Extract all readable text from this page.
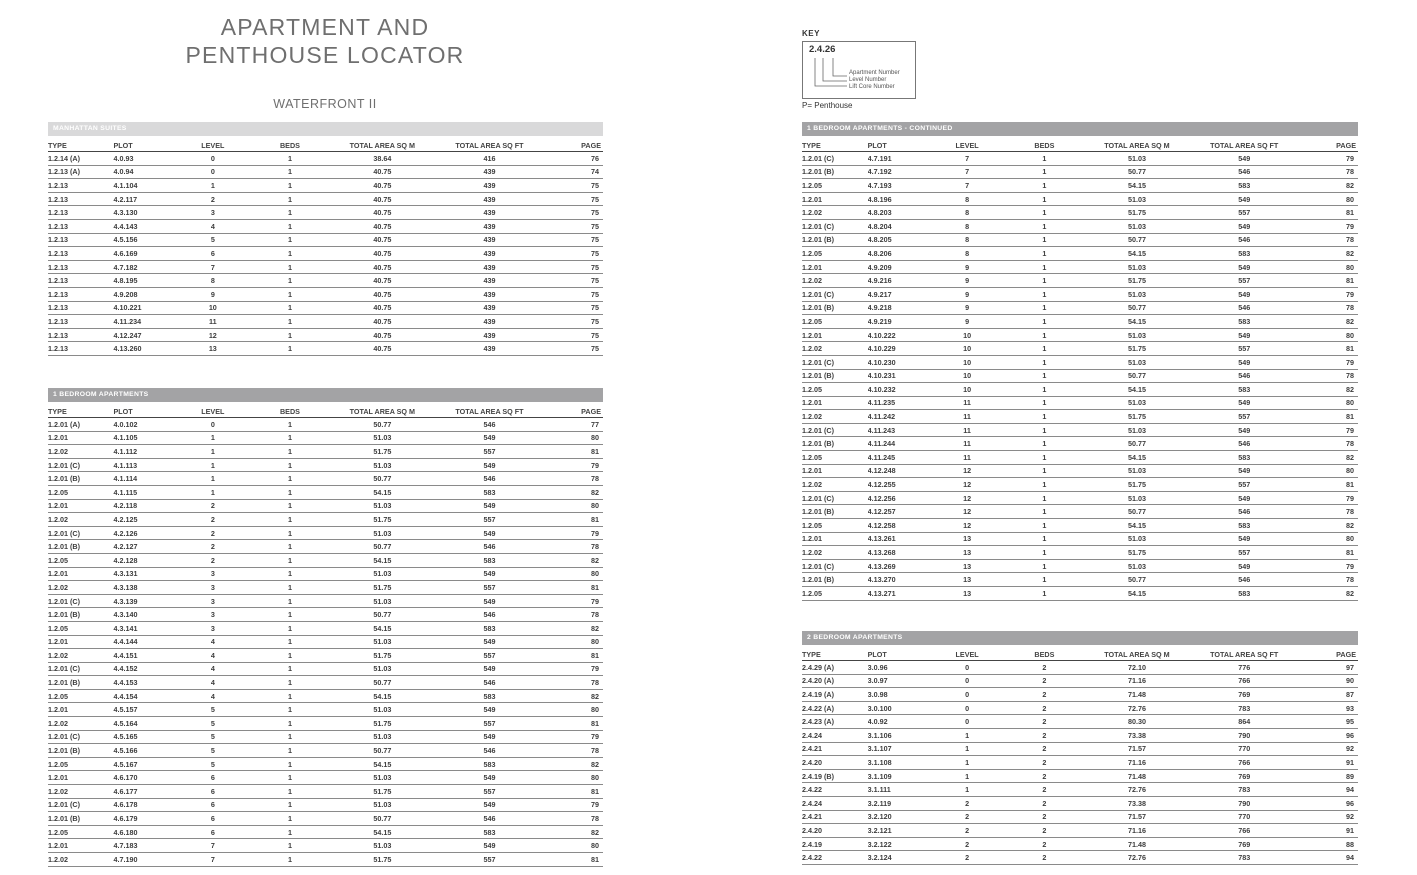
APARTMENT AND
PENTHOUSE LOCATOR
WATERFRONT II
KEY
2.4.26
Apartment Number
Level Number
Lift Core Number
P= Penthouse
MANHATTAN SUITES
TYPE	PLOT	LEVEL	BEDS	TOTAL AREA SQ M	TOTAL AREA SQ FT	PAGE
1.2.14 (A)	4.0.93	0	1	38.64	416	76
1.2.13 (A)	4.0.94	0	1	40.75	439	74
1.2.13	4.1.104	1	1	40.75	439	75
1.2.13	4.2.117	2	1	40.75	439	75
1.2.13	4.3.130	3	1	40.75	439	75
1.2.13	4.4.143	4	1	40.75	439	75
1.2.13	4.5.156	5	1	40.75	439	75
1.2.13	4.6.169	6	1	40.75	439	75
1.2.13	4.7.182	7	1	40.75	439	75
1.2.13	4.8.195	8	1	40.75	439	75
1.2.13	4.9.208	9	1	40.75	439	75
1.2.13	4.10.221	10	1	40.75	439	75
1.2.13	4.11.234	11	1	40.75	439	75
1.2.13	4.12.247	12	1	40.75	439	75
1.2.13	4.13.260	13	1	40.75	439	75
1 BEDROOM APARTMENTS
TYPE	PLOT	LEVEL	BEDS	TOTAL AREA SQ M	TOTAL AREA SQ FT	PAGE
1.2.01 (A)	4.0.102	0	1	50.77	546	77
1.2.01	4.1.105	1	1	51.03	549	80
1.2.02	4.1.112	1	1	51.75	557	81
1.2.01 (C)	4.1.113	1	1	51.03	549	79
1.2.01 (B)	4.1.114	1	1	50.77	546	78
1.2.05	4.1.115	1	1	54.15	583	82
1.2.01	4.2.118	2	1	51.03	549	80
1.2.02	4.2.125	2	1	51.75	557	81
1.2.01 (C)	4.2.126	2	1	51.03	549	79
1.2.01 (B)	4.2.127	2	1	50.77	546	78
1.2.05	4.2.128	2	1	54.15	583	82
1.2.01	4.3.131	3	1	51.03	549	80
1.2.02	4.3.138	3	1	51.75	557	81
1.2.01 (C)	4.3.139	3	1	51.03	549	79
1.2.01 (B)	4.3.140	3	1	50.77	546	78
1.2.05	4.3.141	3	1	54.15	583	82
1.2.01	4.4.144	4	1	51.03	549	80
1.2.02	4.4.151	4	1	51.75	557	81
1.2.01 (C)	4.4.152	4	1	51.03	549	79
1.2.01 (B)	4.4.153	4	1	50.77	546	78
1.2.05	4.4.154	4	1	54.15	583	82
1.2.01	4.5.157	5	1	51.03	549	80
1.2.02	4.5.164	5	1	51.75	557	81
1.2.01 (C)	4.5.165	5	1	51.03	549	79
1.2.01 (B)	4.5.166	5	1	50.77	546	78
1.2.05	4.5.167	5	1	54.15	583	82
1.2.01	4.6.170	6	1	51.03	549	80
1.2.02	4.6.177	6	1	51.75	557	81
1.2.01 (C)	4.6.178	6	1	51.03	549	79
1.2.01 (B)	4.6.179	6	1	50.77	546	78
1.2.05	4.6.180	6	1	54.15	583	82
1.2.01	4.7.183	7	1	51.03	549	80
1.2.02	4.7.190	7	1	51.75	557	81
1 BEDROOM APARTMENTS - CONTINUED
TYPE	PLOT	LEVEL	BEDS	TOTAL AREA SQ M	TOTAL AREA SQ FT	PAGE
1.2.01 (C)	4.7.191	7	1	51.03	549	79
1.2.01 (B)	4.7.192	7	1	50.77	546	78
1.2.05	4.7.193	7	1	54.15	583	82
1.2.01	4.8.196	8	1	51.03	549	80
1.2.02	4.8.203	8	1	51.75	557	81
1.2.01 (C)	4.8.204	8	1	51.03	549	79
1.2.01 (B)	4.8.205	8	1	50.77	546	78
1.2.05	4.8.206	8	1	54.15	583	82
1.2.01	4.9.209	9	1	51.03	549	80
1.2.02	4.9.216	9	1	51.75	557	81
1.2.01 (C)	4.9.217	9	1	51.03	549	79
1.2.01 (B)	4.9.218	9	1	50.77	546	78
1.2.05	4.9.219	9	1	54.15	583	82
1.2.01	4.10.222	10	1	51.03	549	80
1.2.02	4.10.229	10	1	51.75	557	81
1.2.01 (C)	4.10.230	10	1	51.03	549	79
1.2.01 (B)	4.10.231	10	1	50.77	546	78
1.2.05	4.10.232	10	1	54.15	583	82
1.2.01	4.11.235	11	1	51.03	549	80
1.2.02	4.11.242	11	1	51.75	557	81
1.2.01 (C)	4.11.243	11	1	51.03	549	79
1.2.01 (B)	4.11.244	11	1	50.77	546	78
1.2.05	4.11.245	11	1	54.15	583	82
1.2.01	4.12.248	12	1	51.03	549	80
1.2.02	4.12.255	12	1	51.75	557	81
1.2.01 (C)	4.12.256	12	1	51.03	549	79
1.2.01 (B)	4.12.257	12	1	50.77	546	78
1.2.05	4.12.258	12	1	54.15	583	82
1.2.01	4.13.261	13	1	51.03	549	80
1.2.02	4.13.268	13	1	51.75	557	81
1.2.01 (C)	4.13.269	13	1	51.03	549	79
1.2.01 (B)	4.13.270	13	1	50.77	546	78
1.2.05	4.13.271	13	1	54.15	583	82
2 BEDROOM APARTMENTS
TYPE	PLOT	LEVEL	BEDS	TOTAL AREA SQ M	TOTAL AREA SQ FT	PAGE
2.4.29 (A)	3.0.96	0	2	72.10	776	97
2.4.20 (A)	3.0.97	0	2	71.16	766	90
2.4.19 (A)	3.0.98	0	2	71.48	769	87
2.4.22 (A)	3.0.100	0	2	72.76	783	93
2.4.23 (A)	4.0.92	0	2	80.30	864	95
2.4.24	3.1.106	1	2	73.38	790	96
2.4.21	3.1.107	1	2	71.57	770	92
2.4.20	3.1.108	1	2	71.16	766	91
2.4.19 (B)	3.1.109	1	2	71.48	769	89
2.4.22	3.1.111	1	2	72.76	783	94
2.4.24	3.2.119	2	2	73.38	790	96
2.4.21	3.2.120	2	2	71.57	770	92
2.4.20	3.2.121	2	2	71.16	766	91
2.4.19	3.2.122	2	2	71.48	769	88
2.4.22	3.2.124	2	2	72.76	783	94
